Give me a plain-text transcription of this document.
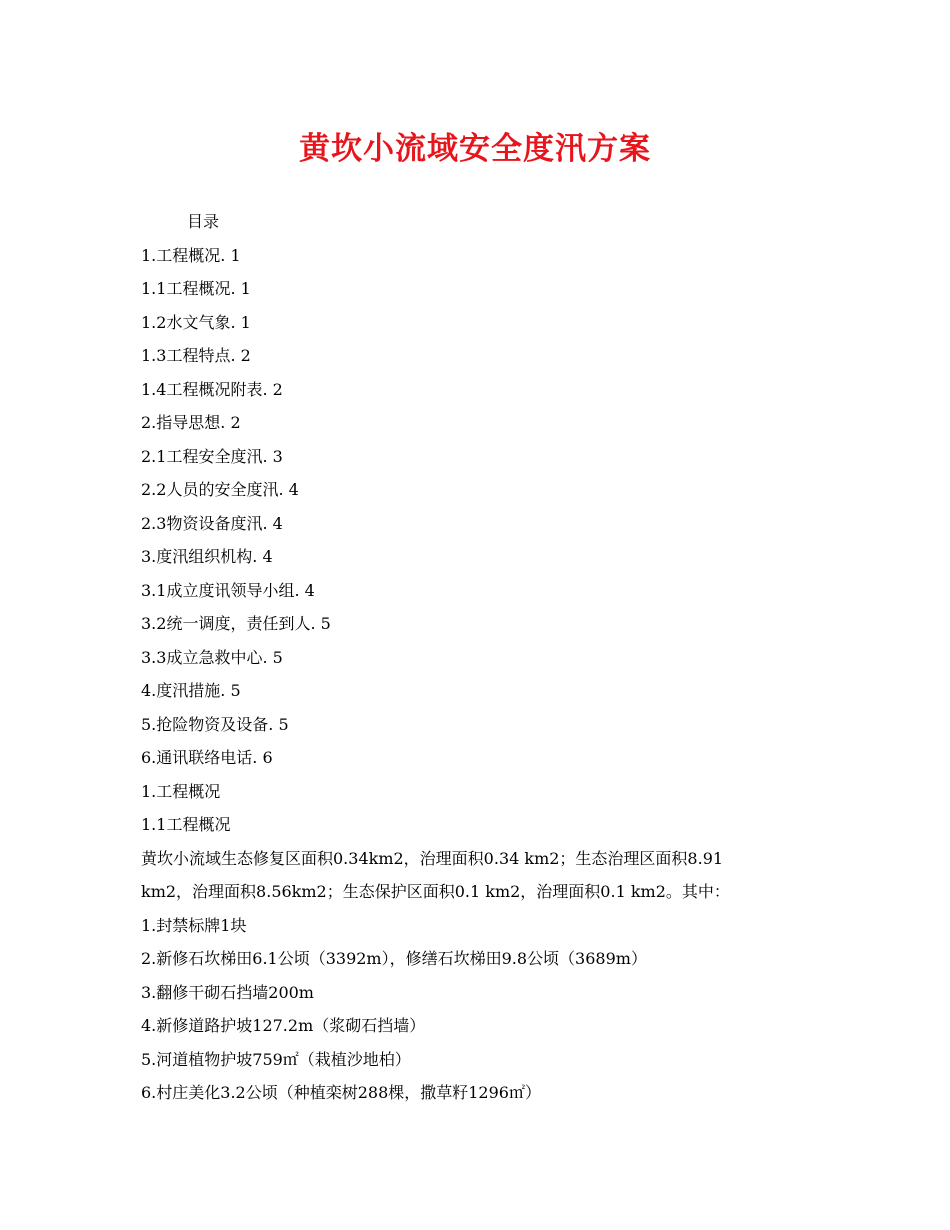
黄坎小流域安全度汛方案
目录
1.工程概况. 1
1.1工程概况. 1
1.2水文气象. 1
1.3工程特点. 2
1.4工程概况附表. 2
2.指导思想. 2
2.1工程安全度汛. 3
2.2人员的安全度汛. 4
2.3物资设备度汛. 4
3.度汛组织机构. 4
3.1成立度讯领导小组. 4
3.2统一调度，责任到人. 5
3.3成立急救中心. 5
4.度汛措施. 5
5.抢险物资及设备. 5
6.通讯联络电话. 6
1.工程概况
1.1工程概况
黄坎小流域生态修复区面积0.34km2，治理面积0.34 km2；生态治理区面积8.91
km2，治理面积8.56km2；生态保护区面积0.1 km2，治理面积0.1 km2。其中：
1.封禁标牌1块
2.新修石坎梯田6.1公顷（3392m），修缮石坎梯田9.8公顷（3689m）
3.翻修干砌石挡墙200m
4.新修道路护坡127.2m（浆砌石挡墙）
5.河道植物护坡759㎡（栽植沙地柏）
6.村庄美化3.2公顷（种植栾树288棵，撒草籽1296㎡）
